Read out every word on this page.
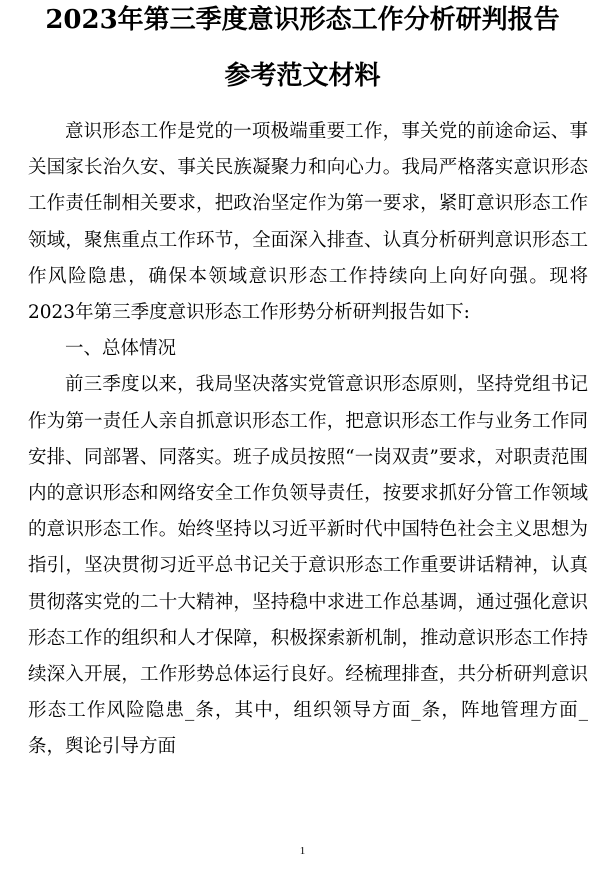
2023年第三季度意识形态工作分析研判报告
参考范文材料

意识形态工作是党的一项极端重要工作，事关党的前途命运、事关国家长治久安、事关民族凝聚力和向心力。我局严格落实意识形态工作责任制相关要求，把政治坚定作为第一要求，紧盯意识形态工作领域，聚焦重点工作环节，全面深入排查、认真分析研判意识形态工作风险隐患，确保本领域意识形态工作持续向上向好向强。现将2023年第三季度意识形态工作形势分析研判报告如下:

一、总体情况

前三季度以来，我局坚决落实党管意识形态原则，坚持党组书记作为第一责任人亲自抓意识形态工作，把意识形态工作与业务工作同安排、同部署、同落实。班子成员按照“一岗双责”要求，对职责范围内的意识形态和网络安全工作负领导责任，按要求抓好分管工作领域的意识形态工作。始终坚持以习近平新时代中国特色社会主义思想为指引，坚决贯彻习近平总书记关于意识形态工作重要讲话精神，认真贯彻落实党的二十大精神，坚持稳中求进工作总基调，通过强化意识形态工作的组织和人才保障，积极探索新机制，推动意识形态工作持续深入开展，工作形势总体运行良好。经梳理排查，共分析研判意识形态工作风险隐患_条，其中，组织领导方面_条，阵地管理方面_条，舆论引导方面

1
